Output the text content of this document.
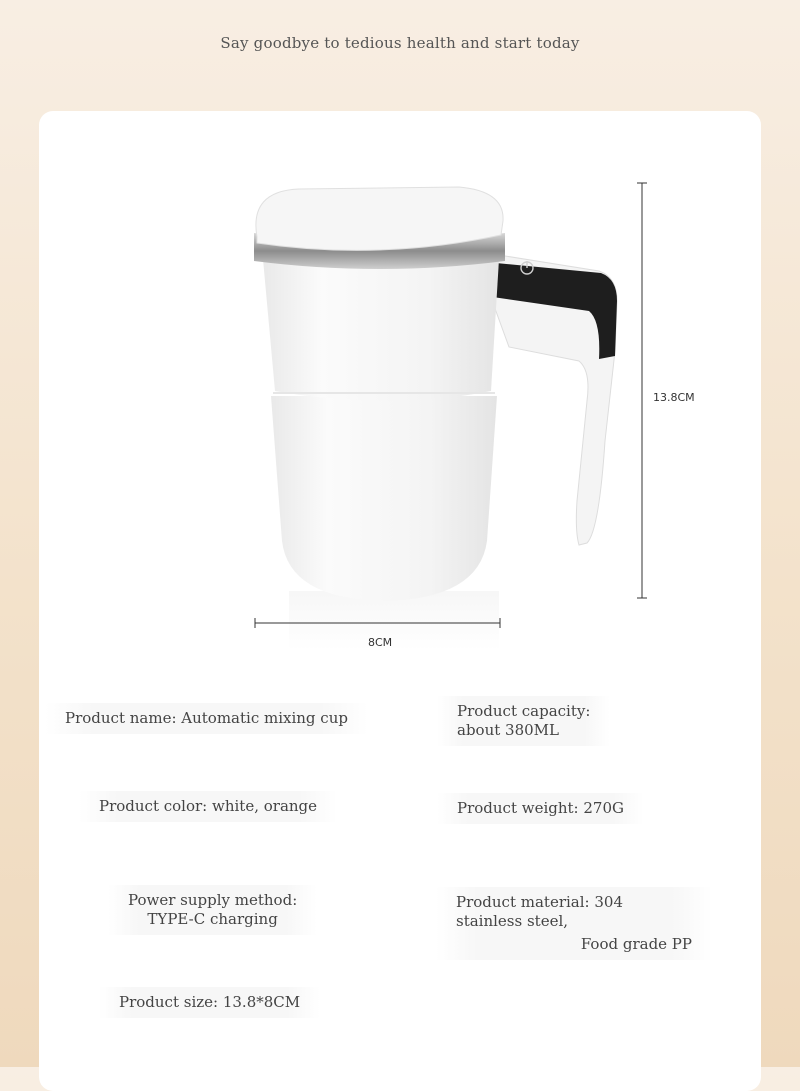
Say goodbye to tedious health and start today
13.8CM
8CM
Product name: Automatic mixing cup	Product capacity:
about 380ML
Product color: white, orange	Product weight: 270G
Power supply method:
TYPE-C charging
Product material: 304
stainless steel,
Food grade PP
Product size: 13.8*8CM
